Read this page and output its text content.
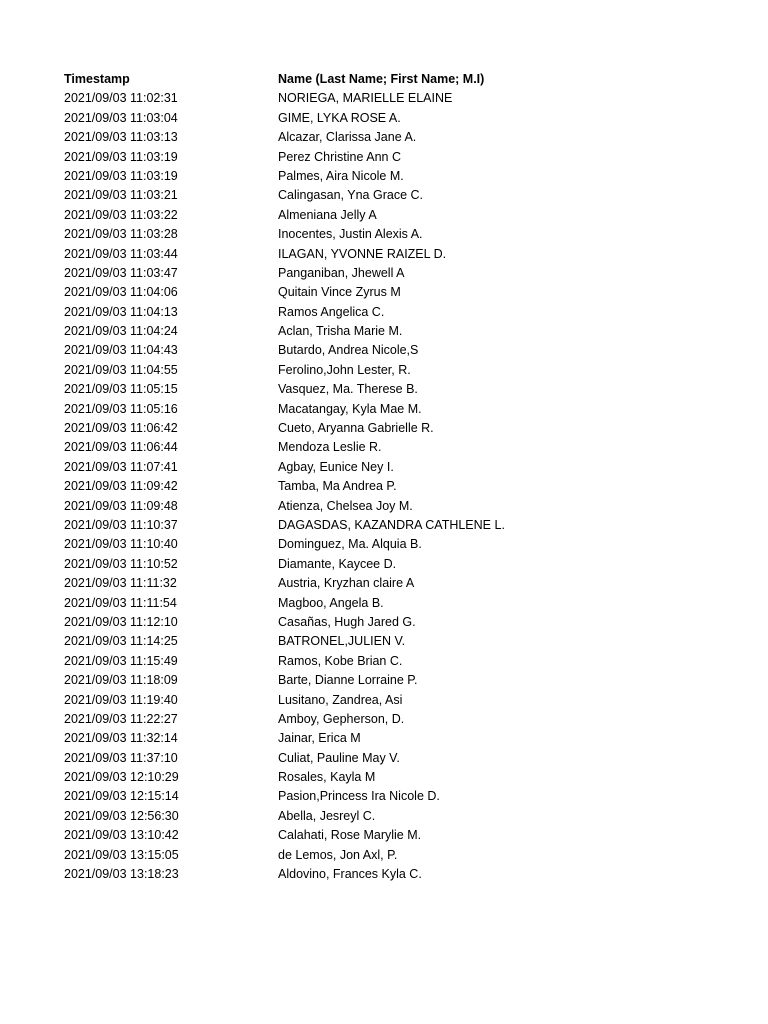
Timestamp	Name (Last Name; First Name; M.I)
2021/09/03 11:02:31	NORIEGA, MARIELLE ELAINE
2021/09/03 11:03:04	GIME, LYKA ROSE A.
2021/09/03 11:03:13	Alcazar, Clarissa Jane A.
2021/09/03 11:03:19	Perez Christine Ann C
2021/09/03 11:03:19	Palmes, Aira Nicole M.
2021/09/03 11:03:21	Calingasan, Yna Grace C.
2021/09/03 11:03:22	Almeniana Jelly A
2021/09/03 11:03:28	Inocentes, Justin Alexis A.
2021/09/03 11:03:44	ILAGAN, YVONNE RAIZEL D.
2021/09/03 11:03:47	Panganiban, Jhewell A
2021/09/03 11:04:06	Quitain Vince Zyrus M
2021/09/03 11:04:13	Ramos Angelica C.
2021/09/03 11:04:24	Aclan, Trisha Marie M.
2021/09/03 11:04:43	Butardo, Andrea Nicole,S
2021/09/03 11:04:55	Ferolino,John Lester, R.
2021/09/03 11:05:15	Vasquez, Ma. Therese B.
2021/09/03 11:05:16	Macatangay, Kyla Mae M.
2021/09/03 11:06:42	Cueto, Aryanna Gabrielle R.
2021/09/03 11:06:44	Mendoza Leslie R.
2021/09/03 11:07:41	Agbay, Eunice Ney I.
2021/09/03 11:09:42	Tamba, Ma Andrea P.
2021/09/03 11:09:48	Atienza, Chelsea Joy M.
2021/09/03 11:10:37	DAGASDAS, KAZANDRA CATHLENE L.
2021/09/03 11:10:40	Dominguez, Ma. Alquia B.
2021/09/03 11:10:52	Diamante, Kaycee D.
2021/09/03 11:11:32	Austria, Kryzhan claire A
2021/09/03 11:11:54	Magboo, Angela B.
2021/09/03 11:12:10	Casañas, Hugh Jared G.
2021/09/03 11:14:25	BATRONEL,JULIEN V.
2021/09/03 11:15:49	Ramos, Kobe Brian C.
2021/09/03 11:18:09	Barte, Dianne Lorraine P.
2021/09/03 11:19:40	Lusitano, Zandrea, Asi
2021/09/03 11:22:27	Amboy, Gepherson, D.
2021/09/03 11:32:14	Jainar, Erica M
2021/09/03 11:37:10	Culiat, Pauline May V.
2021/09/03 12:10:29	Rosales, Kayla M
2021/09/03 12:15:14	Pasion,Princess Ira Nicole D.
2021/09/03 12:56:30	Abella, Jesreyl C.
2021/09/03 13:10:42	Calahati, Rose Marylie M.
2021/09/03 13:15:05	de Lemos, Jon Axl, P.
2021/09/03 13:18:23	Aldovino, Frances Kyla C.
